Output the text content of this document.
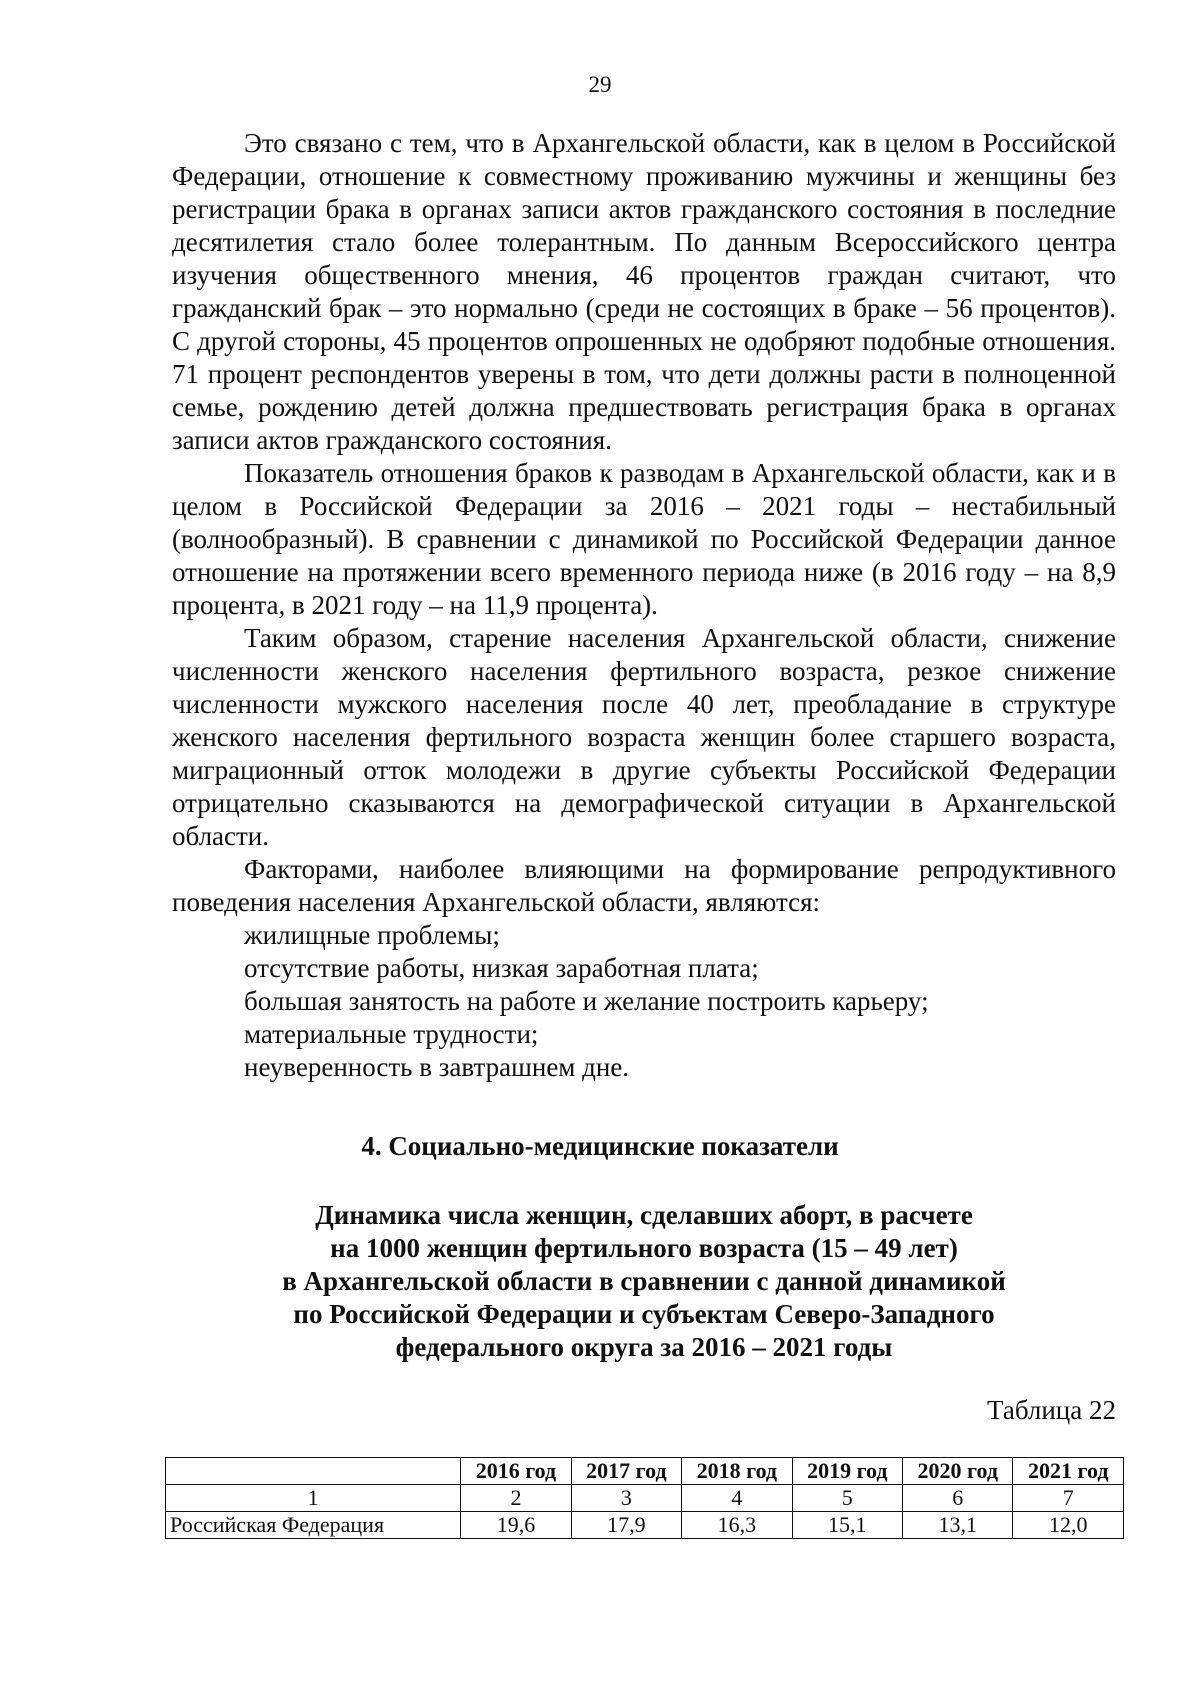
29

Это связано с тем, что в Архангельской области, как в целом в Российской Федерации, отношение к совместному проживанию мужчины и женщины без регистрации брака в органах записи актов гражданского состояния в последние десятилетия стало более толерантным. По данным Всероссийского центра изучения общественного мнения, 46 процентов граждан считают, что гражданский брак – это нормально (среди не состоящих в браке – 56 процентов). С другой стороны, 45 процентов опрошенных не одобряют подобные отношения. 71 процент респондентов уверены в том, что дети должны расти в полноценной семье, рождению детей должна предшествовать регистрация брака в органах записи актов гражданского состояния.

Показатель отношения браков к разводам в Архангельской области, как и в целом в Российской Федерации за 2016 – 2021 годы – нестабильный (волнообразный). В сравнении с динамикой по Российской Федерации данное отношение на протяжении всего временного периода ниже (в 2016 году – на 8,9 процента, в 2021 году – на 11,9 процента).

Таким образом, старение населения Архангельской области, снижение численности женского населения фертильного возраста, резкое снижение численности мужского населения после 40 лет, преобладание в структуре женского населения фертильного возраста женщин более старшего возраста, миграционный отток молодежи в другие субъекты Российской Федерации отрицательно сказываются на демографической ситуации в Архангельской области.

Факторами, наиболее влияющими на формирование репродуктивного поведения населения Архангельской области, являются:

жилищные проблемы;
отсутствие работы, низкая заработная плата;
большая занятость на работе и желание построить карьеру;
материальные трудности;
неуверенность в завтрашнем дне.
4. Социально-медицинские показатели
Динамика числа женщин, сделавших аборт, в расчете
на 1000 женщин фертильного возраста (15 – 49 лет)
в Архангельской области в сравнении с данной динамикой
по Российской Федерации и субъектам Северо-Западного
федерального округа за 2016 – 2021 годы
Таблица 22
	2016 год	2017 год	2018 год	2019 год	2020 год	2021 год
1	2	3	4	5	6	7
Российская Федерация	19,6	17,9	16,3	15,1	13,1	12,0
